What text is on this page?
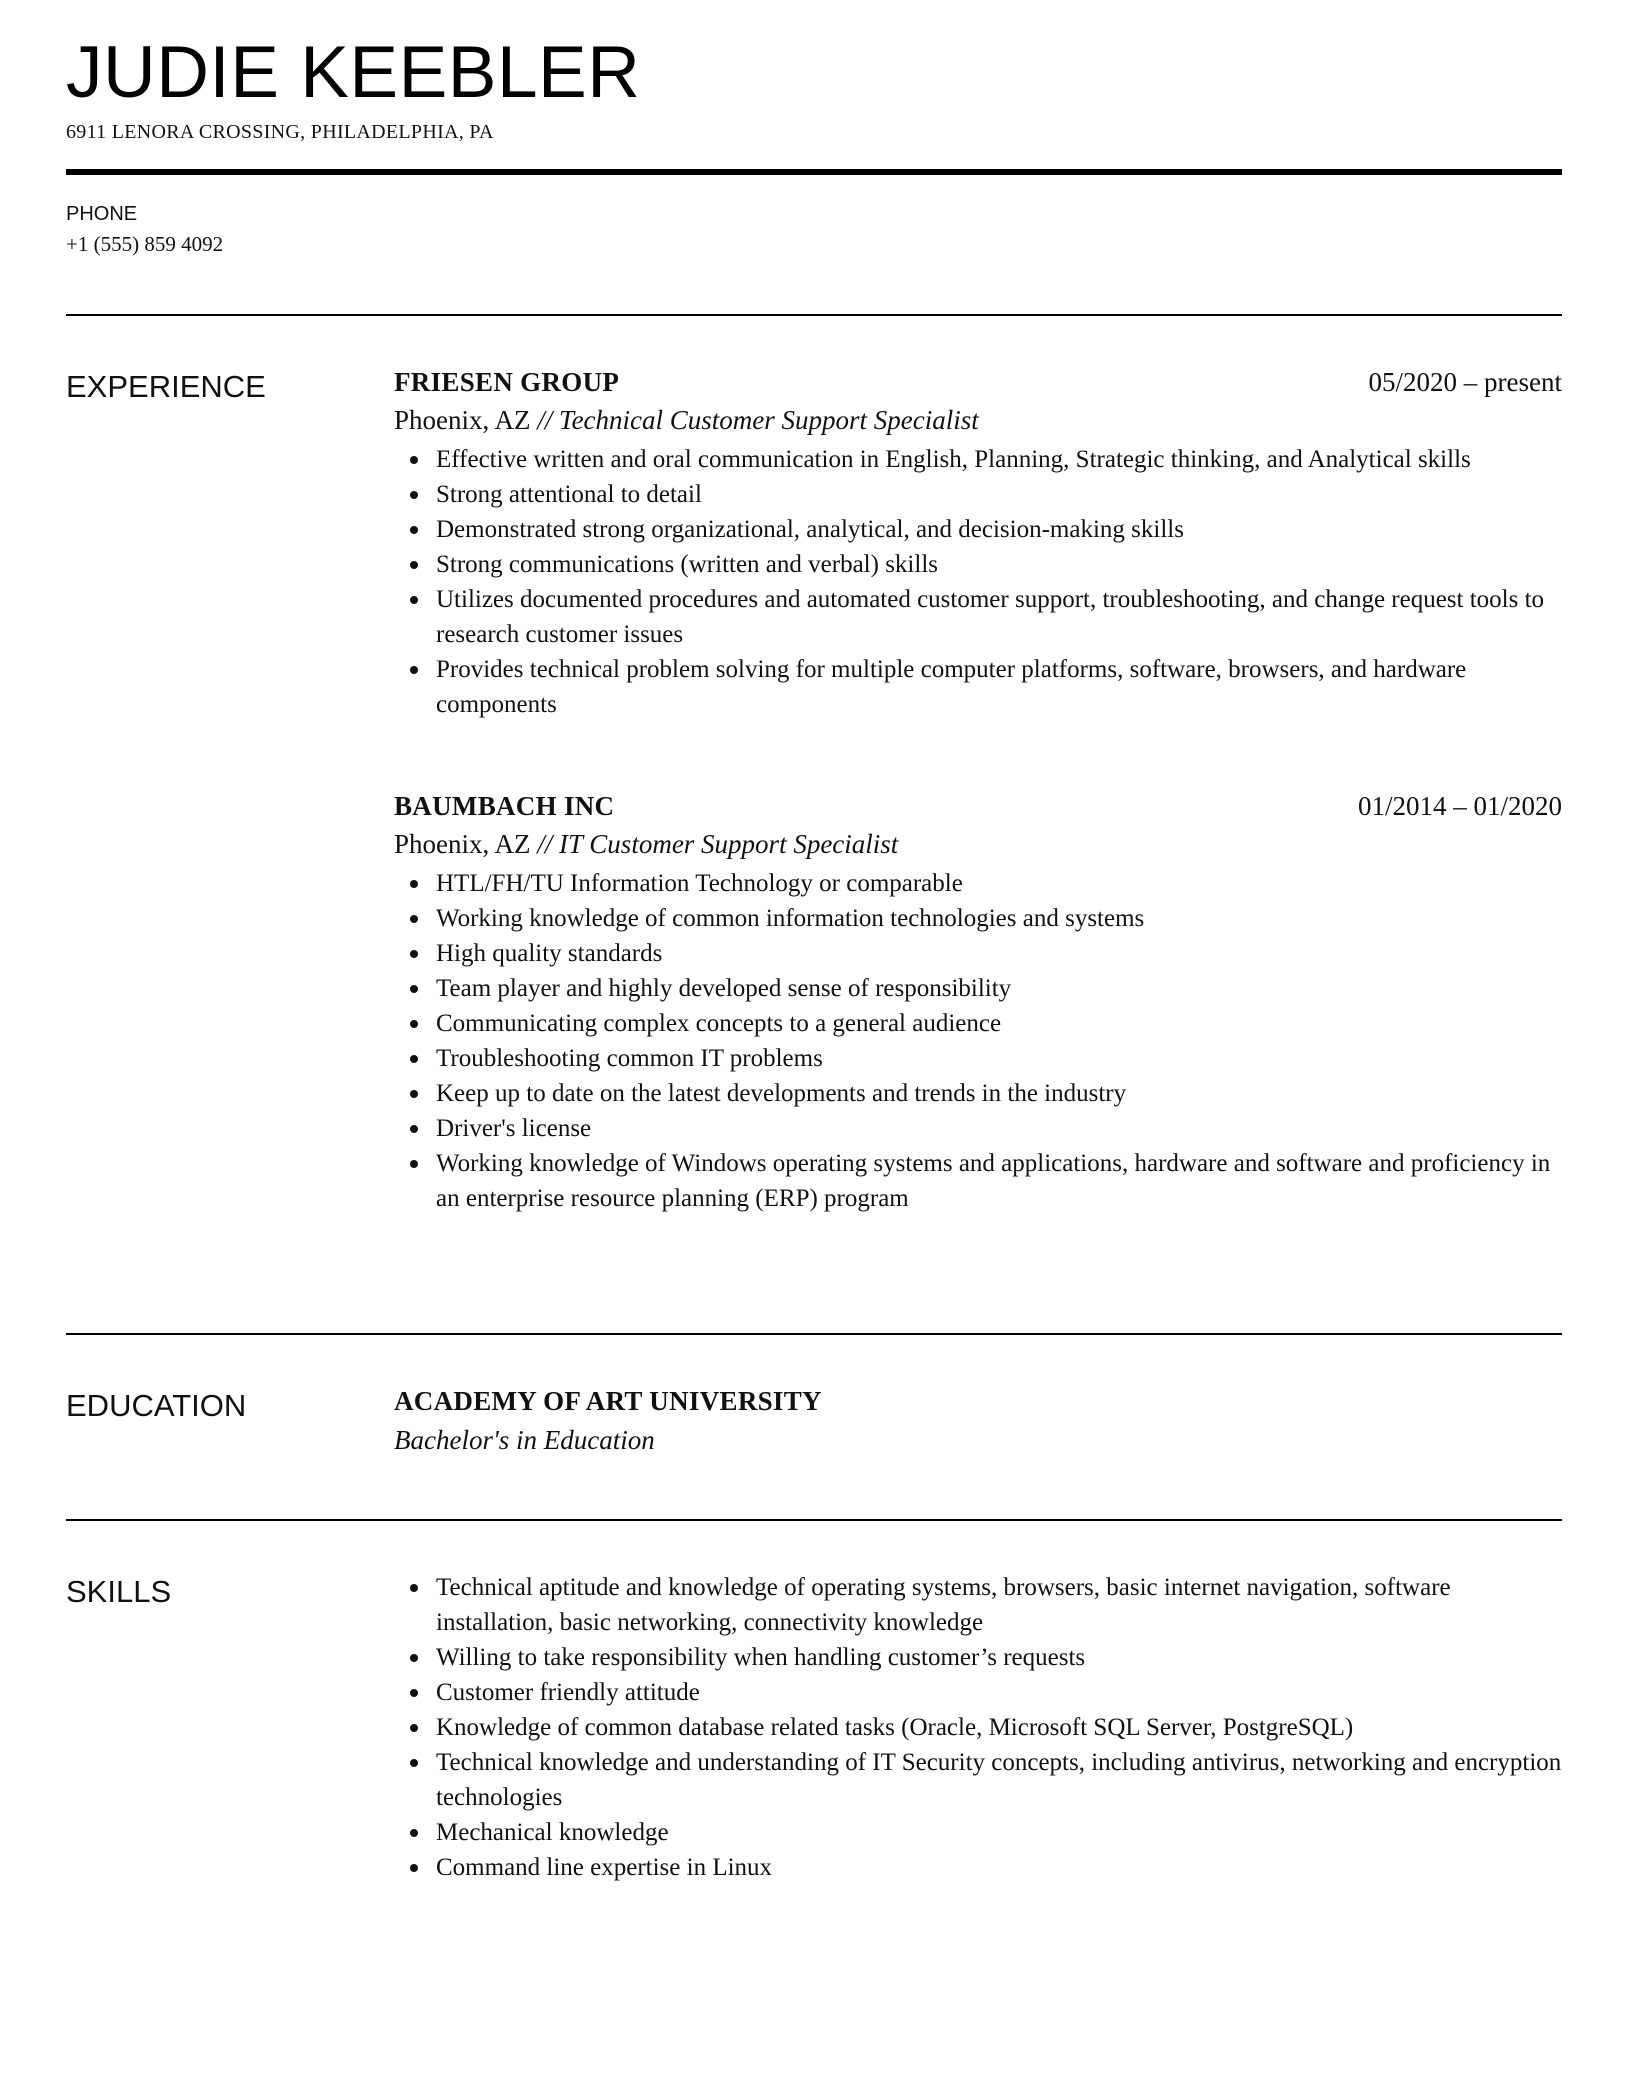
JUDIE KEEBLER
6911 LENORA CROSSING, PHILADELPHIA, PA
PHONE
+1 (555) 859 4092
EXPERIENCE	FRIESEN GROUP	05/2020 – present
Phoenix, AZ // Technical Customer Support Specialist
Effective written and oral communication in English, Planning, Strategic thinking, and Analytical skills
Strong attentional to detail
Demonstrated strong organizational, analytical, and decision-making skills
Strong communications (written and verbal) skills
Utilizes documented procedures and automated customer support, troubleshooting, and change request tools to research customer issues
Provides technical problem solving for multiple computer platforms, software, browsers, and hardware components
BAUMBACH INC	01/2014 – 01/2020
Phoenix, AZ // IT Customer Support Specialist
HTL/FH/TU Information Technology or comparable
Working knowledge of common information technologies and systems
High quality standards
Team player and highly developed sense of responsibility
Communicating complex concepts to a general audience
Troubleshooting common IT problems
Keep up to date on the latest developments and trends in the industry
Driver's license
Working knowledge of Windows operating systems and applications, hardware and software and proficiency in an enterprise resource planning (ERP) program
EDUCATION	ACADEMY OF ART UNIVERSITY
Bachelor's in Education
SKILLS	Technical aptitude and knowledge of operating systems, browsers, basic internet navigation, software installation, basic networking, connectivity knowledge
Willing to take responsibility when handling customer’s requests
Customer friendly attitude
Knowledge of common database related tasks (Oracle, Microsoft SQL Server, PostgreSQL)
Technical knowledge and understanding of IT Security concepts, including antivirus, networking and encryption technologies
Mechanical knowledge
Command line expertise in Linux
